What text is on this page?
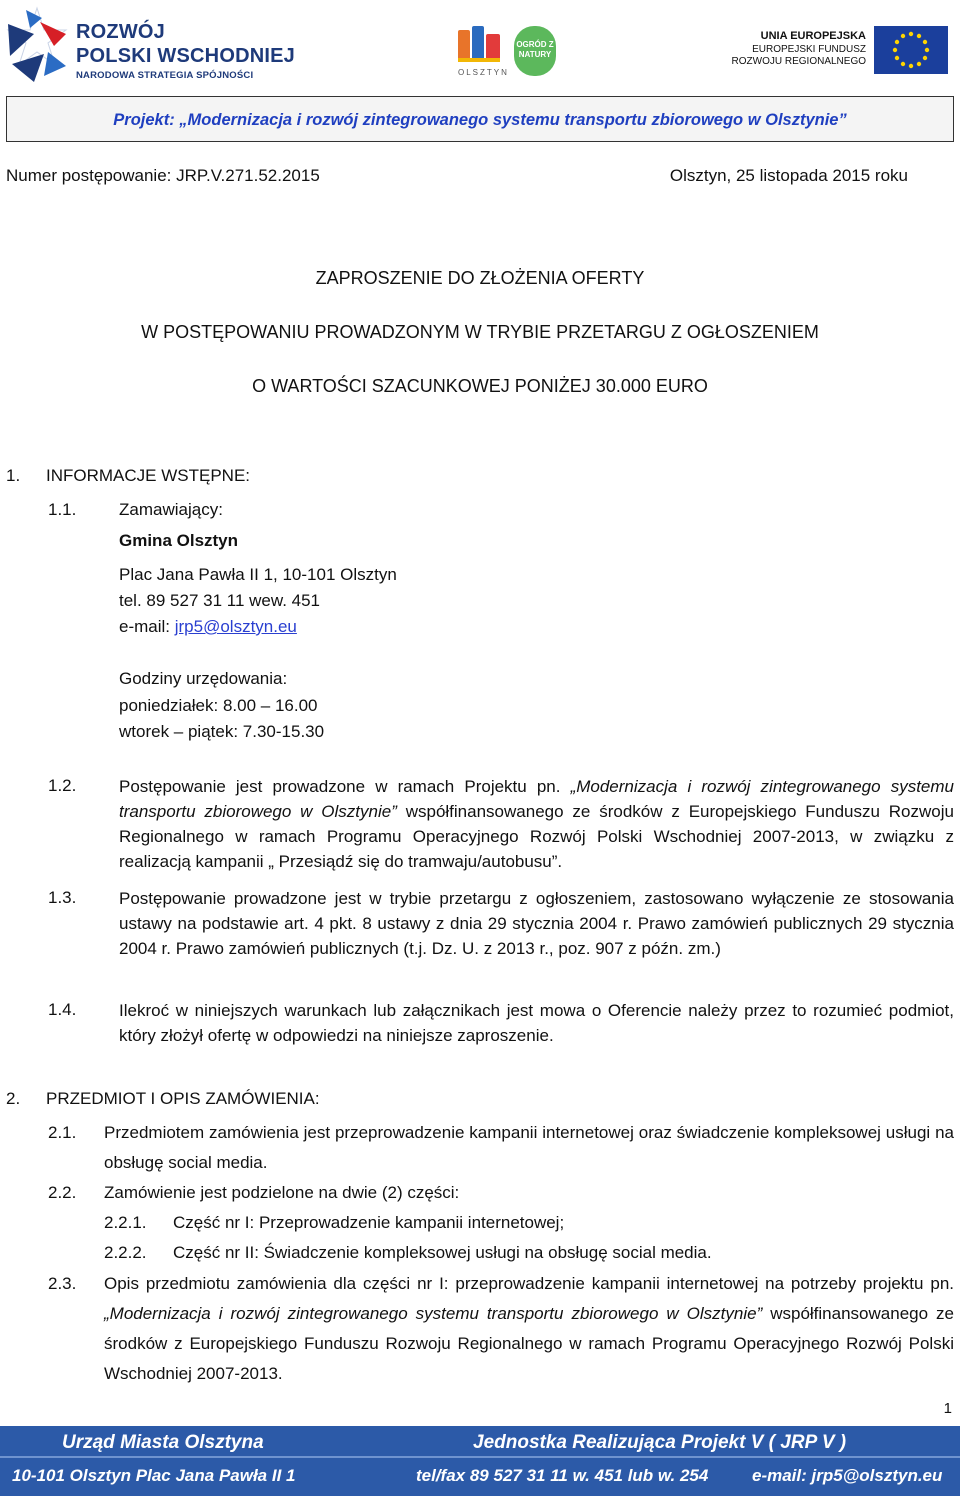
ROZWÓJ
POLSKI WSCHODNIEJ
NARODOWA STRATEGIA SPÓJNOŚCI	OLSZTYN
OGRÓD Z NATURY
UNIA EUROPEJSKA
EUROPEJSKI FUNDUSZ
ROZWOJU REGIONALNEGO
Projekt: „Modernizacja i rozwój zintegrowanego systemu transportu zbiorowego w Olsztynie”
Numer postępowanie: JRP.V.271.52.2015	Olsztyn, 25 listopada 2015 roku
ZAPROSZENIE DO ZŁOŻENIA OFERTY
W POSTĘPOWANIU PROWADZONYM W TRYBIE PRZETARGU Z OGŁOSZENIEM
O WARTOŚCI SZACUNKOWEJ PONIŻEJ 30.000 EURO
1. INFORMACJE WSTĘPNE:
1.1.	Zamawiający:
Gmina Olsztyn
Plac Jana Pawła II 1, 10-101 Olsztyn
tel. 89 527 31 11 wew. 451
e-mail: jrp5@olsztyn.eu
Godziny urzędowania:
poniedziałek: 8.00 – 16.00
wtorek – piątek: 7.30-15.30
1.2.	Postępowanie jest prowadzone w ramach Projektu pn. „Modernizacja i rozwój zintegrowanego systemu transportu zbiorowego w Olsztynie” współfinansowanego ze środków z Europejskiego Funduszu Rozwoju Regionalnego w ramach Programu Operacyjnego Rozwój Polski Wschodniej 2007-2013, w związku z realizacją kampanii „ Przesiądź się do tramwaju/autobusu”.
1.3.	Postępowanie prowadzone jest w trybie przetargu z ogłoszeniem, zastosowano wyłączenie ze stosowania ustawy na podstawie art. 4 pkt. 8 ustawy z dnia 29 stycznia 2004 r. Prawo zamówień publicznych 29 stycznia 2004 r. Prawo zamówień publicznych (t.j. Dz. U. z 2013 r., poz. 907 z późn. zm.)
1.4.	Ilekroć w niniejszych warunkach lub załącznikach jest mowa o Oferencie należy przez to rozumieć podmiot, który złożył ofertę w odpowiedzi na niniejsze zaproszenie.
2. PRZEDMIOT I OPIS ZAMÓWIENIA:
2.1. Przedmiotem zamówienia jest przeprowadzenie kampanii internetowej oraz świadczenie kompleksowej usługi na obsługę social media.
2.2. Zamówienie jest podzielone na dwie (2) części:
2.2.1. Część nr I: Przeprowadzenie kampanii internetowej;
2.2.2. Część nr II: Świadczenie kompleksowej usługi na obsługę social media.
2.3. Opis przedmiotu zamówienia dla części nr I: przeprowadzenie kampanii internetowej na potrzeby projektu pn. „Modernizacja i rozwój zintegrowanego systemu transportu zbiorowego w Olsztynie” współfinansowanego ze środków z Europejskiego Funduszu Rozwoju Regionalnego w ramach Programu Operacyjnego Rozwój Polski Wschodniej 2007-2013.
1
Urząd Miasta Olsztyna	Jednostka Realizująca Projekt V ( JRP V )
10-101 Olsztyn Plac Jana Pawła II 1	tel/fax 89 527 31 11 w. 451 lub w. 254	e-mail: jrp5@olsztyn.eu
